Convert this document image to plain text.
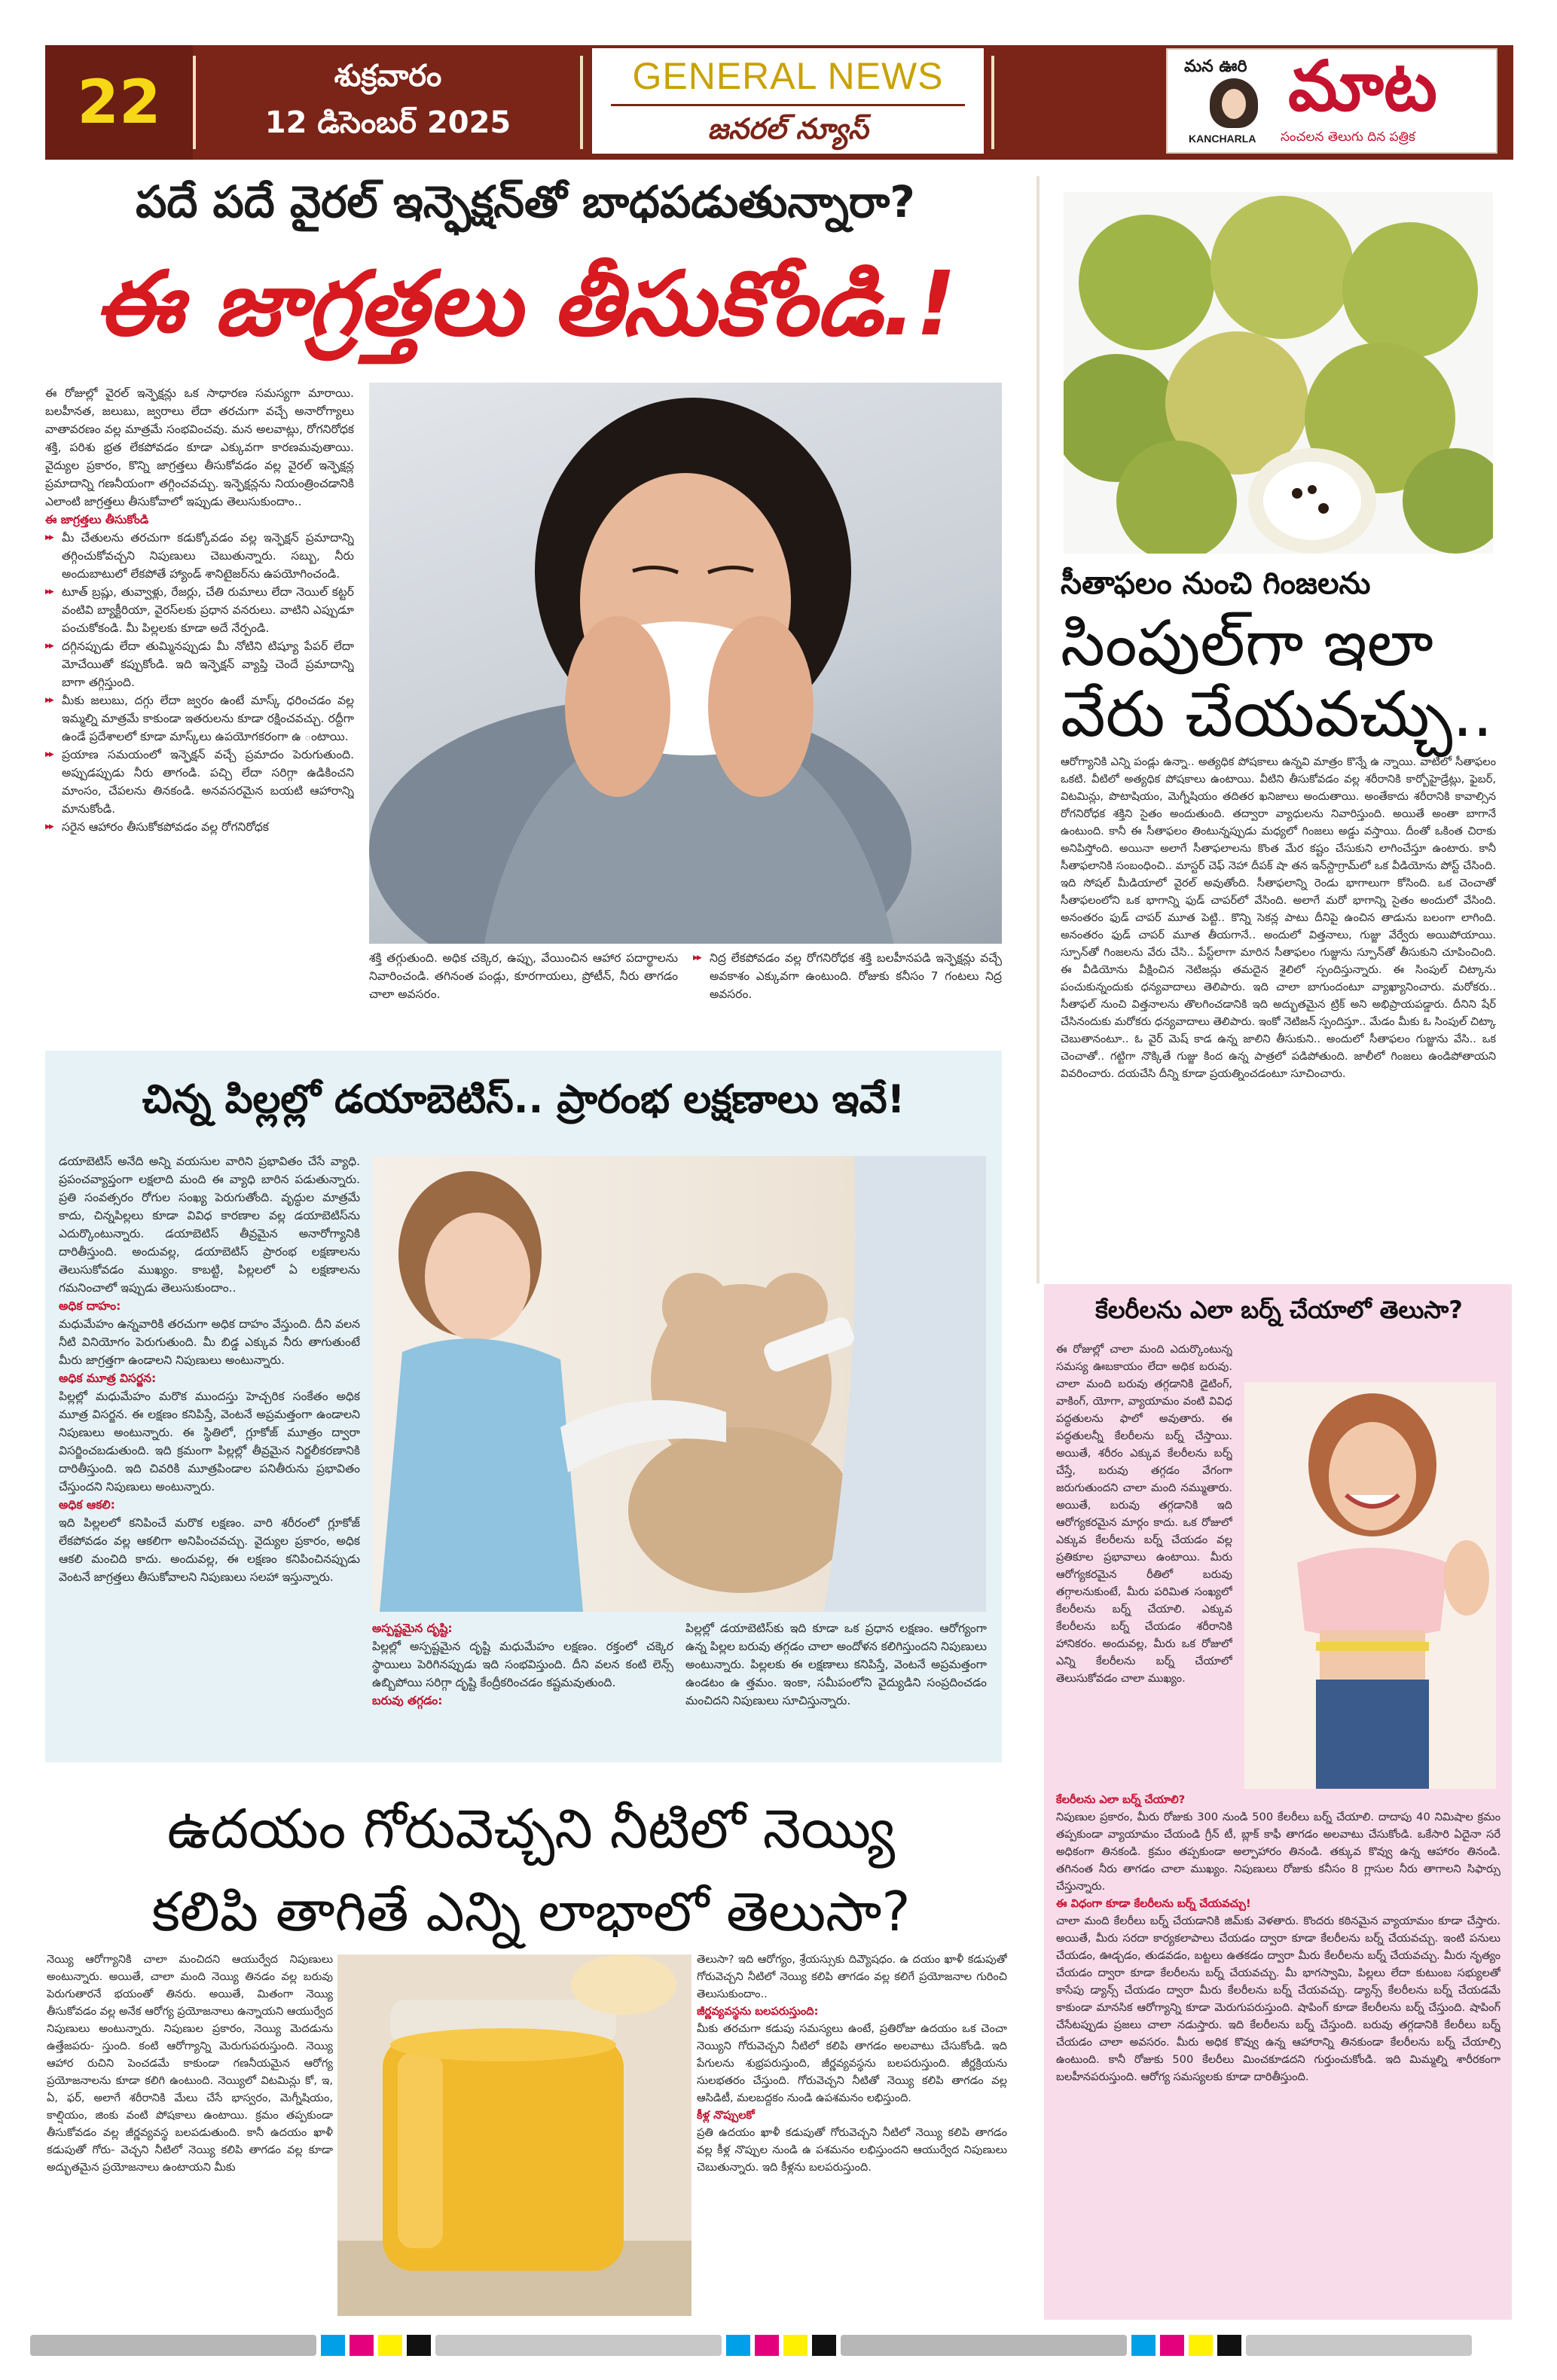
22	శుక్రవారం
12 డిసెంబర్ 2025
GENERAL NEWS
జనరల్ న్యూస్
మన ఊరి
KANCHARLA
మాట
సంచలన తెలుగు దిన పత్రిక
పదే పదే వైరల్ ఇన్ఫెక్షన్‌తో బాధపడుతున్నారా?
ఈ జాగ్రత్తలు తీసుకోండి.!

ఈ రోజుల్లో వైరల్ ఇన్ఫెక్షన్లు ఒక సాధారణ సమస్యగా మారాయి. బలహీనత, జలుబు, జ్వరాలు లేదా తరచుగా వచ్చే అనారోగ్యాలు వాతావరణం వల్ల మాత్రమే సంభవించవు. మన అలవాట్లు, రోగనిరోధక శక్తి, పరిశు భ్రత లేకపోవడం కూడా ఎక్కువగా కారణమవుతాయి. వైద్యుల ప్రకారం, కొన్ని జాగ్రత్తలు తీసుకోవడం వల్ల వైరల్ ఇన్ఫెక్షన్ల ప్రమాదాన్ని గణనీయంగా తగ్గించవచ్చు. ఇన్ఫెక్షన్లను నియంత్రించడానికి ఎలాంటి జాగ్రత్తలు తీసుకోవాలో ఇప్పుడు తెలుసుకుందాం..

ఈ జాగ్రత్తలు తీసుకోండి

▶▶ మీ చేతులను తరచుగా కడుక్కోవడం వల్ల ఇన్ఫెక్షన్ ప్రమాదాన్ని తగ్గించుకోవచ్చని నిపుణులు చెబుతున్నారు. సబ్బు, నీరు అందుబాటులో లేకపోతే హ్యాండ్ శానిటైజర్‌ను ఉపయోగించండి.

▶▶ టూత్ బ్రష్లు, తువ్వాళ్లు, రేజర్లు, చేతి రుమాలు లేదా నెయిల్ కట్టర్ వంటివి బ్యాక్టీరియా, వైరస్‌లకు ప్రధాన వనరులు. వాటిని ఎప్పుడూ పంచుకోకండి. మీ పిల్లలకు కూడా అదే నేర్పండి.

▶▶ దగ్గినప్పుడు లేదా తుమ్మినప్పుడు మీ నోటిని టిష్యూ పేపర్ లేదా మోచేయితో కప్పుకోండి. ఇది ఇన్ఫెక్షన్ వ్యాప్తి చెందే ప్రమాదాన్ని బాగా తగ్గిస్తుంది.

▶▶ మీకు జలుబు, దగ్గు లేదా జ్వరం ఉంటే మాస్క్ ధరించడం వల్ల ఇమ్మల్ని మాత్రమే కాకుండా ఇతరులను కూడా రక్షించవచ్చు. రద్దీగా ఉండే ప్రదేశాలలో కూడా మాస్క్‌లు ఉపయోగకరంగా ఉ ంటాయి.

▶▶ ప్రయాణ సమయంలో ఇన్ఫెక్షన్ వచ్చే ప్రమాదం పెరుగుతుంది. అప్పుడప్పుడు నీరు తాగండి. పచ్చి లేదా సరిగ్గా ఉడికించని మాంసం, చేపలను తినకండి. అనవసరమైన బయటి ఆహారాన్ని మానుకోండి.

▶▶ సరైన ఆహారం తీసుకోకపోవడం వల్ల రోగనిరోధక

శక్తి తగ్గుతుంది. అధిక చక్కెర, ఉప్పు, వేయించిన ఆహార పదార్థాలను నివారించండి. తగినంత పండ్లు, కూరగాయలు, ప్రోటీన్, నీరు తాగడం చాలా అవసరం.

▶▶ నిద్ర లేకపోవడం వల్ల రోగనిరోధక శక్తి బలహీనపడి ఇన్ఫెక్షన్లు వచ్చే అవకాశం ఎక్కువగా ఉంటుంది. రోజుకు కనీసం 7 గంటలు నిద్ర అవసరం.

సీతాఫలం నుంచి గింజలను
సింపుల్‌గా ఇలా
వేరు చేయవచ్చు..

ఆరోగ్యానికి ఎన్ని పండ్లు ఉన్నా.. అత్యధిక పోషకాలు ఉన్నవి మాత్రం కొన్నే ఉ న్నాయి. వాటిలో సీతాఫలం ఒకటి. వీటిలో అత్యధిక పోషకాలు ఉంటాయి. వీటిని తీసుకోవడం వల్ల శరీరానికి కార్బోహైడ్రేట్లు, ఫైబర్, విటమిన్లు, పొటాషియం, మెగ్నీషియం తదితర ఖనిజాలు అందుతాయి. అంతేకాదు శరీరానికి కావాల్సిన రోగనిరోధక శక్తిని సైతం అందుతుంది. తద్వారా వ్యాధులను నివారిస్తుంది. అయితే అంతా బాగానే ఉంటుంది. కానీ ఈ సీతాఫలం తింటున్నప్పుడు మధ్యలో గింజలు అడ్డు వస్తాయి. దీంతో ఒకింత చిరాకు అనిపిస్తోంది. అయినా అలాగే సీతాఫలాలను కొంత మేర కష్టం చేసుకుని లాగించేస్తూ ఉంటారు. కానీ సీతాఫలానికి సంబంధించి.. మాస్టర్ చెఫ్ నెహా దీపక్ షా తన ఇన్‌స్టాగ్రామ్‌లో ఒక వీడియోను పోస్ట్ చేసింది. ఇది సోషల్ మీడియాలో వైరల్ అవుతోంది. సీతాఫలాన్ని రెండు భాగాలుగా కోసింది. ఒక చెంచాతో సీతాఫలంలోని ఒక భాగాన్ని ఫుడ్ చాపర్‌లో వేసింది. అలాగే మరో భాగాన్ని సైతం అందులో వేసింది. అనంతరం ఫుడ్ చాపర్ మూత పెట్టి.. కొన్ని సెకన్ల పాటు దీనిపై ఉంచిన తాడును బలంగా లాగింది. అనంతరం ఫుడ్ చాపర్ మూత తీయగానే.. అందులో విత్తనాలు, గుజ్జు వేర్వేరు అయిపోయాయి. స్పూన్‌తో గింజలను వేరు చేసి.. పేస్ట్‌లాగా మారిన సీతాఫలం గుజ్జును స్పూన్‌తో తీసుకుని చూపించింది. ఈ వీడియోను వీక్షించిన నెటిజన్లు తమదైన శైలిలో స్పందిస్తున్నారు. ఈ సింపుల్ చిట్కాను పంచుకున్నందుకు ధన్యవాదాలు తెలిపారు. ఇది చాలా బాగుందంటూ వ్యాఖ్యానించారు. మరోకరు.. సీతాఫల్ నుంచి విత్తనాలను తొలగించడానికి ఇది అద్భుతమైన ట్రిక్ అని అభిప్రాయపడ్డారు. దీనిని షేర్ చేసినందుకు మరోకరు ధన్యవాదాలు తెలిపారు. ఇంకో నెటిజన్ స్పందిస్తూ.. మేడం మీకు ఓ సింపుల్ చిట్కా చెబుతానంటూ.. ఓ వైర్ మెష్ కాడ ఉన్న జాలిని తీసుకుని.. అందులో సీతాఫలం గుజ్జును వేసి.. ఒక చెంచాతో.. గట్టిగా నొక్కితే గుజ్జు కింద ఉన్న పాత్రలో పడిపోతుంది. జాలీలో గింజలు ఉండిపోతాయని వివరించారు. దయచేసి దీన్ని కూడా ప్రయత్నించడంటూ సూచించారు.

చిన్న పిల్లల్లో డయాబెటిస్.. ప్రారంభ లక్షణాలు ఇవే!

డయాబెటిస్ అనేది అన్ని వయసుల వారిని ప్రభావితం చేసే వ్యాధి. ప్రపంచవ్యాప్తంగా లక్షలాది మంది ఈ వ్యాధి బారిన పడుతున్నారు. ప్రతి సంవత్సరం రోగుల సంఖ్య పెరుగుతోంది. వృద్ధుల మాత్రమే కాదు, చిన్నపిల్లలు కూడా వివిధ కారణాల వల్ల డయాబెటిస్‌ను ఎదుర్కొంటున్నారు. డయాబెటిస్ తీవ్రమైన అనారోగ్యానికి దారితీస్తుంది. అందువల్ల, డయాబెటిస్ ప్రారంభ లక్షణాలను తెలుసుకోవడం ముఖ్యం. కాబట్టి, పిల్లలలో ఏ లక్షణాలను గమనించాలో ఇప్పుడు తెలుసుకుందాం..

అధిక దాహం:

మధుమేహం ఉన్నవారికి తరచుగా అధిక దాహం వేస్తుంది. దీని వలన నీటి వినియోగం పెరుగుతుంది. మీ బిడ్డ ఎక్కువ నీరు తాగుతుంటే మీరు జాగ్రత్తగా ఉండాలని నిపుణులు అంటున్నారు.

అధిక మూత్ర విసర్జన:

పిల్లల్లో మధుమేహం మరొక ముందస్తు హెచ్చరిక సంకేతం అధిక మూత్ర విసర్జన. ఈ లక్షణం కనిపిస్తే, వెంటనే అప్రమత్తంగా ఉండాలని నిపుణులు అంటున్నారు. ఈ స్థితిలో, గ్లూకోజ్ మూత్రం ద్వారా విసర్జించబడుతుంది. ఇది క్రమంగా పిల్లల్లో తీవ్రమైన నిర్జలీకరణానికి దారితీస్తుంది. ఇది చివరికి మూత్రపిండాల పనితీరును ప్రభావితం చేస్తుందని నిపుణులు అంటున్నారు.

అధిక ఆకలి:

ఇది పిల్లలలో కనిపించే మరొక లక్షణం. వారి శరీరంలో గ్లూకోజ్ లేకపోవడం వల్ల ఆకలిగా అనిపించవచ్చు. వైద్యుల ప్రకారం, అధిక ఆకలి మంచిది కాదు. అందువల్ల, ఈ లక్షణం కనిపించినప్పుడు వెంటనే జాగ్రత్తలు తీసుకోవాలని నిపుణులు సలహా ఇస్తున్నారు.

అస్పష్టమైన దృష్టి:

పిల్లల్లో అస్పష్టమైన దృష్టి మధుమేహం లక్షణం. రక్తంలో చక్కెర స్థాయిలు పెరిగినప్పుడు ఇది సంభవిస్తుంది. దీని వలన కంటి లెన్స్ ఉబ్బిపోయి సరిగ్గా దృష్టి కేంద్రీకరించడం కష్టమవుతుంది.

బరువు తగ్గడం:

పిల్లల్లో డయాబెటిస్‌కు ఇది కూడా ఒక ప్రధాన లక్షణం. ఆరోగ్యంగా ఉన్న పిల్లల బరువు తగ్గడం చాలా అందోళన కలిగిస్తుందని నిపుణులు అంటున్నారు. పిల్లలకు ఈ లక్షణాలు కనిపిస్తే, వెంటనే అప్రమత్తంగా ఉండటం ఉ త్తమం. ఇంకా, సమీపంలోని వైద్యుడిని సంప్రదించడం మంచిదని నిపుణులు సూచిస్తున్నారు.

కేలరీలను ఎలా బర్న్ చేయాలో తెలుసా?

ఈ రోజుల్లో చాలా మంది ఎదుర్కొంటున్న సమస్య ఊబకాయం లేదా అధిక బరువు. చాలా మంది బరువు తగ్గడానికి డైటింగ్, వాకింగ్, యోగా, వ్యాయామం వంటి వివిధ పద్ధతులను ఫాలో అవుతారు. ఈ పద్ధతులన్నీ కేలరీలను బర్న్ చేస్తాయి. అయితే, శరీరం ఎక్కువ కేలరీలను బర్న్ చేస్తే, బరువు తగ్గడం వేగంగా జరుగుతుందని చాలా మంది నమ్ముతారు. అయితే, బరువు తగ్గడానికి ఇది ఆరోగ్యకరమైన మార్గం కాదు. ఒక రోజులో ఎక్కువ కేలరీలను బర్న్ చేయడం వల్ల ప్రతికూల ప్రభావాలు ఉంటాయి. మీరు ఆరోగ్యకరమైన రీతిలో బరువు తగ్గాలనుకుంటే, మీరు పరిమిత సంఖ్యలో కేలరీలను బర్న్ చేయాలి. ఎక్కువ కేలరీలను బర్న్ చేయడం శరీరానికి హానికరం. అందువల్ల, మీరు ఒక రోజులో ఎన్ని కేలరీలను బర్న్ చేయాలో తెలుసుకోవడం చాలా ముఖ్యం.

కేలరీలను ఎలా బర్న్ చేయాలి?

నిపుణుల ప్రకారం, మీరు రోజుకు 300 నుండి 500 కేలరీలు బర్న్ చేయాలి. దాదాపు 40 నిమిషాల క్రమం తప్పకుండా వ్యాయామం చేయండి గ్రీన్ టీ, బ్లాక్ కాఫీ తాగడం అలవాటు చేసుకోండి. ఒకేసారి ఏదైనా సరే అధికంగా తినకండి. క్రమం తప్పకుండా అల్పాహారం తినండి. తక్కువ కొవ్వు ఉన్న ఆహారం తినండి. తగినంత నీరు తాగడం చాలా ముఖ్యం. నిపుణులు రోజుకు కనీసం 8 గ్లాసుల నీరు తాగాలని సిఫార్సు చేస్తున్నారు.

ఈ విధంగా కూడా కేలరీలను బర్న్ చేయవచ్చు!

చాలా మంది కేలరీలు బర్న్ చేయడానికి జిమ్‌కు వెళతారు. కొందరు కఠినమైన వ్యాయామం కూడా చేస్తారు. అయితే, మీరు సరదా కార్యకలాపాలు చేయడం ద్వారా కూడా కేలరీలను బర్న్ చేయవచ్చు. ఇంటి పనులు చేయడం, ఊడ్చడం, తుడవడం, బట్టలు ఉతకడం ద్వారా మీరు కేలరీలను బర్న్ చేయవచ్చు. మీరు నృత్యం చేయడం ద్వారా కూడా కేలరీలను బర్న్ చేయవచ్చు. మీ భాగస్వామి, పిల్లలు లేదా కుటుంబ సభ్యులతో కాసేపు డ్యాన్స్ చేయడం ద్వారా మీరు కేలరీలను బర్న్ చేయవచ్చు. డ్యాన్స్ కేలరీలను బర్న్ చేయడమే కాకుండా మానసిక ఆరోగ్యాన్ని కూడా మెరుగుపరుస్తుంది. షాపింగ్ కూడా కేలరీలను బర్న్ చేస్తుంది. షాపింగ్ చేసేటప్పుడు ప్రజలు చాలా నడుస్తారు. ఇది కేలరీలను బర్న్ చేస్తుంది. బరువు తగ్గడానికి కేలరీలు బర్న్ చేయడం చాలా అవసరం. మీరు అధిక కొవ్వు ఉన్న ఆహారాన్ని తినకుండా కేలరీలను బర్న్ చేయాల్సి ఉంటుంది. కానీ రోజుకు 500 కేలరీలు మించకూడదని గుర్తుంచుకోండి. ఇది మిమ్మల్ని శారీరకంగా బలహీనపరుస్తుంది. ఆరోగ్య సమస్యలకు కూడా దారితీస్తుంది.

ఉదయం గోరువెచ్చని నీటిలో నెయ్యి
కలిపి తాగితే ఎన్ని లాభాలో తెలుసా?

నెయ్యి ఆరోగ్యానికి చాలా మంచిదని ఆయుర్వేద నిపుణులు అంటున్నారు. అయితే, చాలా మంది నెయ్యి తినడం వల్ల బరువు పెరుగుతారనే భయంతో తినరు. అయితే, మితంగా నెయ్యి తీసుకోవడం వల్ల అనేక ఆరోగ్య ప్రయోజనాలు ఉన్నాయని ఆయుర్వేద నిపుణులు అంటున్నారు. నిపుణుల ప్రకారం, నెయ్యి మెదడును ఉత్తేజపరు- స్తుంది. కంటి ఆరోగ్యాన్ని మెరుగుపరుస్తుంది. నెయ్యి ఆహార రుచిని పెంచడమే కాకుండా గణనీయమైన ఆరోగ్య ప్రయోజనాలను కూడా కలిగి ఉంటుంది. నెయ్యిలో విటమిన్లు కో, ఇ, ఏ, ఫర్, అలాగే శరీరానికి మేలు చేసే భాస్వరం, మెగ్నీషియం, కాల్షియం, జింకు వంటి పోషకాలు ఉంటాయి. క్రమం తప్పకుండా తీసుకోవడం వల్ల జీర్ణవ్యవస్థ బలపడుతుంది. కానీ ఉదయం ఖాళీ కడుపుతో గోరు- వెచ్చని నీటిలో నెయ్యి కలిపి తాగడం వల్ల కూడా అద్భుతమైన ప్రయోజనాలు ఉంటాయని మీకు

తెలుసా? ఇది ఆరోగ్యం, శ్రేయస్సుకు దివ్యౌషధం. ఉ దయం ఖాళీ కడుపుతో గోరువెచ్చని నీటిలో నెయ్యి కలిపి తాగడం వల్ల కలిగే ప్రయోజనాల గురించి తెలుసుకుందాం..

జీర్ణవ్యవస్థను బలపరుస్తుంది:

మీకు తరచుగా కడుపు సమస్యలు ఉంటే, ప్రతిరోజు ఉదయం ఒక చెంచా నెయ్యిని గోరువెచ్చని నీటిలో కలిపి తాగడం అలవాటు చేసుకోండి. ఇది పేగులను శుభ్రపరుస్తుంది, జీర్ణవ్యవస్థను బలపరుస్తుంది. జీర్ణక్రియను సులభతరం చేస్తుంది. గోరువెచ్చని నీటితో నెయ్యి కలిపి తాగడం వల్ల ఆసిడిటీ, మలబద్దకం నుండి ఉపశమనం లభిస్తుంది.

కీళ్ల నొప్పులకో

ప్రతి ఉదయం ఖాళీ కడుపుతో గోరువెచ్చని నీటిలో నెయ్యి కలిపి తాగడం వల్ల కీళ్ల నొప్పుల నుండి ఉ పశమనం లభిస్తుందని ఆయుర్వేద నిపుణులు చెబుతున్నారు. ఇది కీళ్లను బలపరుస్తుంది.
